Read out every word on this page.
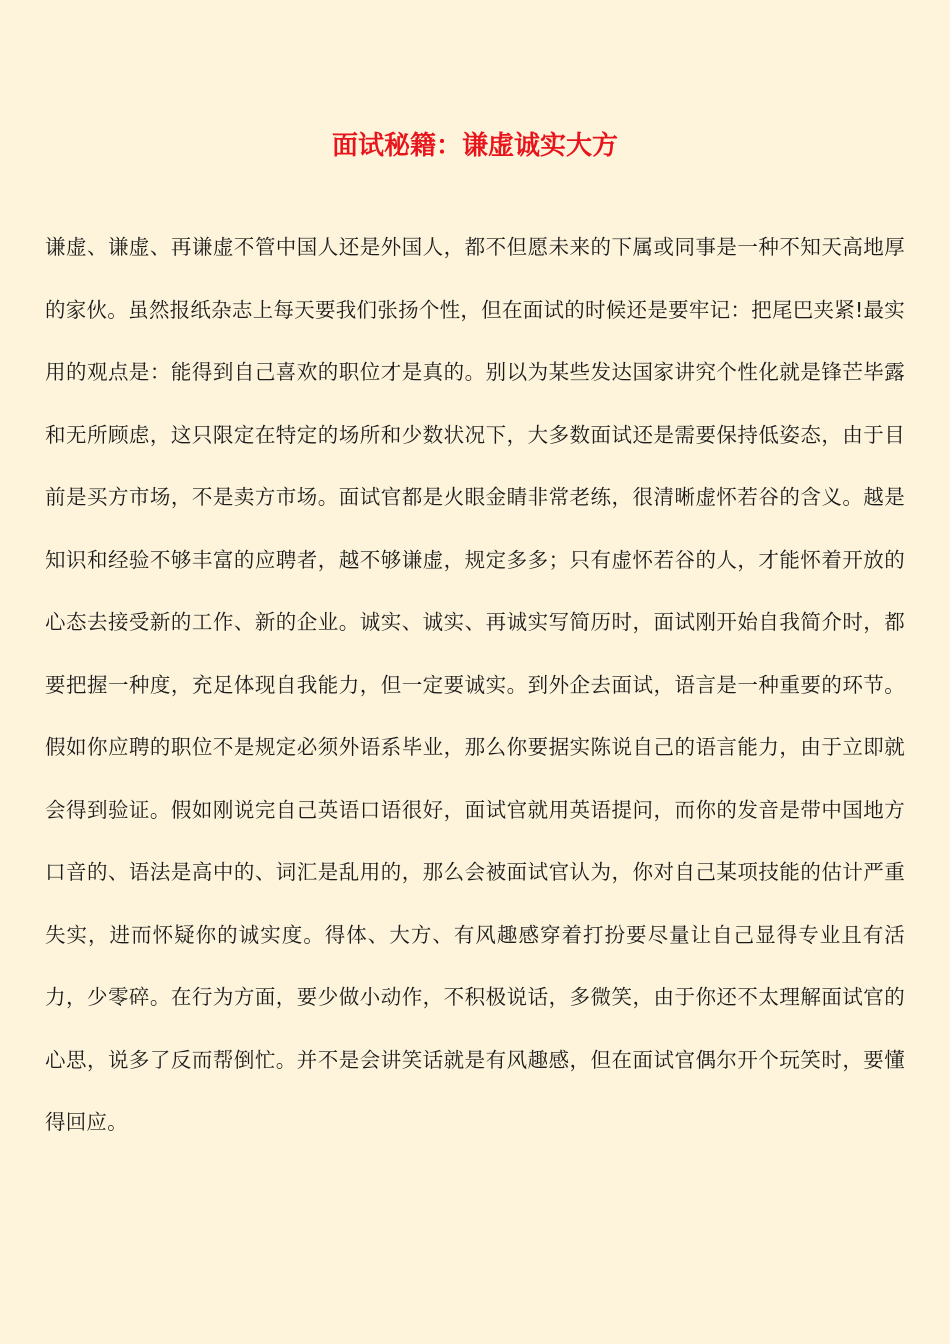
面试秘籍：谦虚诚实大方

谦虚、谦虚、再谦虚不管中国人还是外国人，都不但愿未来的下属或同事是一种不知天高地厚的家伙。虽然报纸杂志上每天要我们张扬个性，但在面试的时候还是要牢记：把尾巴夹紧!最实用的观点是：能得到自己喜欢的职位才是真的。别以为某些发达国家讲究个性化就是锋芒毕露和无所顾虑，这只限定在特定的场所和少数状况下，大多数面试还是需要保持低姿态，由于目前是买方市场，不是卖方市场。面试官都是火眼金睛非常老练，很清晰虚怀若谷的含义。越是知识和经验不够丰富的应聘者，越不够谦虚，规定多多；只有虚怀若谷的人，才能怀着开放的心态去接受新的工作、新的企业。诚实、诚实、再诚实写简历时，面试刚开始自我简介时，都要把握一种度，充足体现自我能力，但一定要诚实。到外企去面试，语言是一种重要的环节。假如你应聘的职位不是规定必须外语系毕业，那么你要据实陈说自己的语言能力，由于立即就会得到验证。假如刚说完自己英语口语很好，面试官就用英语提问，而你的发音是带中国地方口音的、语法是高中的、词汇是乱用的，那么会被面试官认为，你对自己某项技能的估计严重失实，进而怀疑你的诚实度。得体、大方、有风趣感穿着打扮要尽量让自己显得专业且有活力，少零碎。在行为方面，要少做小动作，不积极说话，多微笑，由于你还不太理解面试官的心思，说多了反而帮倒忙。并不是会讲笑话就是有风趣感，但在面试官偶尔开个玩笑时，要懂得回应。
